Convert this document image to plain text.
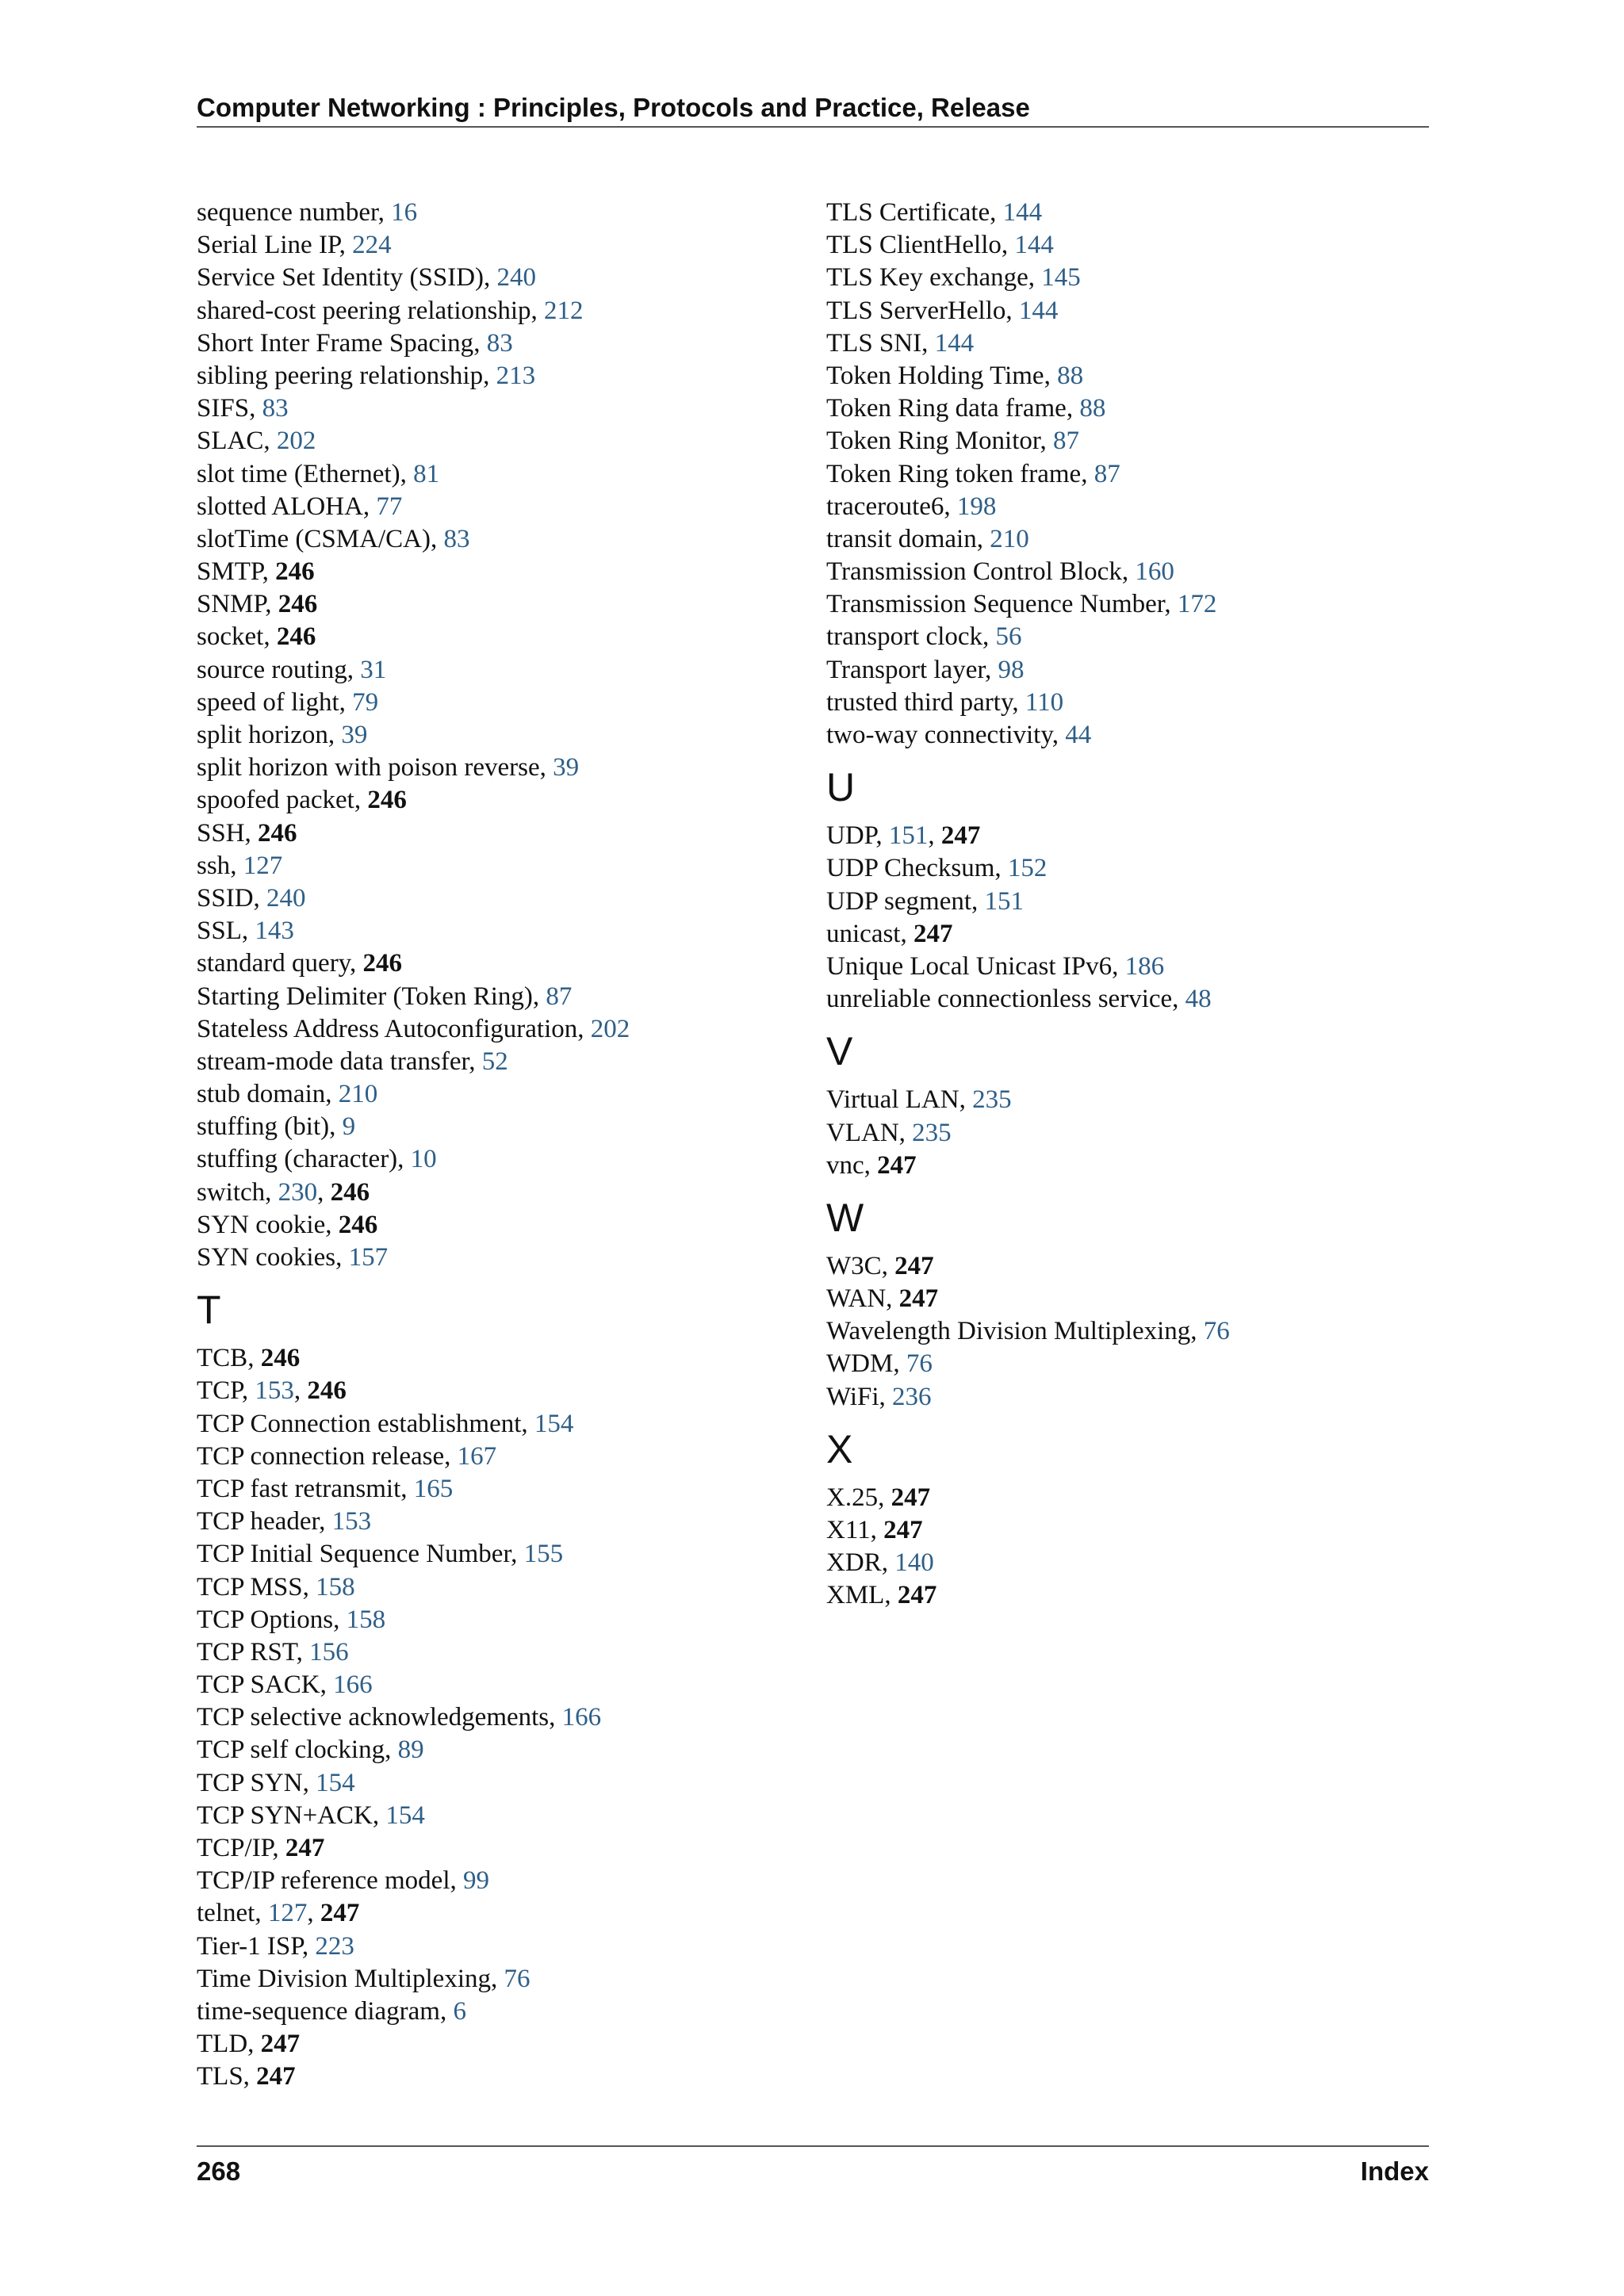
Computer Networking : Principles, Protocols and Practice, Release
sequence number, 16
Serial Line IP, 224
Service Set Identity (SSID), 240
shared-cost peering relationship, 212
Short Inter Frame Spacing, 83
sibling peering relationship, 213
SIFS, 83
SLAC, 202
slot time (Ethernet), 81
slotted ALOHA, 77
slotTime (CSMA/CA), 83
SMTP, 246
SNMP, 246
socket, 246
source routing, 31
speed of light, 79
split horizon, 39
split horizon with poison reverse, 39
spoofed packet, 246
SSH, 246
ssh, 127
SSID, 240
SSL, 143
standard query, 246
Starting Delimiter (Token Ring), 87
Stateless Address Autoconfiguration, 202
stream-mode data transfer, 52
stub domain, 210
stuffing (bit), 9
stuffing (character), 10
switch, 230, 246
SYN cookie, 246
SYN cookies, 157
T
TCB, 246
TCP, 153, 246
TCP Connection establishment, 154
TCP connection release, 167
TCP fast retransmit, 165
TCP header, 153
TCP Initial Sequence Number, 155
TCP MSS, 158
TCP Options, 158
TCP RST, 156
TCP SACK, 166
TCP selective acknowledgements, 166
TCP self clocking, 89
TCP SYN, 154
TCP SYN+ACK, 154
TCP/IP, 247
TCP/IP reference model, 99
telnet, 127, 247
Tier-1 ISP, 223
Time Division Multiplexing, 76
time-sequence diagram, 6
TLD, 247
TLS, 247
TLS Certificate, 144
TLS ClientHello, 144
TLS Key exchange, 145
TLS ServerHello, 144
TLS SNI, 144
Token Holding Time, 88
Token Ring data frame, 88
Token Ring Monitor, 87
Token Ring token frame, 87
traceroute6, 198
transit domain, 210
Transmission Control Block, 160
Transmission Sequence Number, 172
transport clock, 56
Transport layer, 98
trusted third party, 110
two-way connectivity, 44
U
UDP, 151, 247
UDP Checksum, 152
UDP segment, 151
unicast, 247
Unique Local Unicast IPv6, 186
unreliable connectionless service, 48
V
Virtual LAN, 235
VLAN, 235
vnc, 247
W
W3C, 247
WAN, 247
Wavelength Division Multiplexing, 76
WDM, 76
WiFi, 236
X
X.25, 247
X11, 247
XDR, 140
XML, 247
268	Index
